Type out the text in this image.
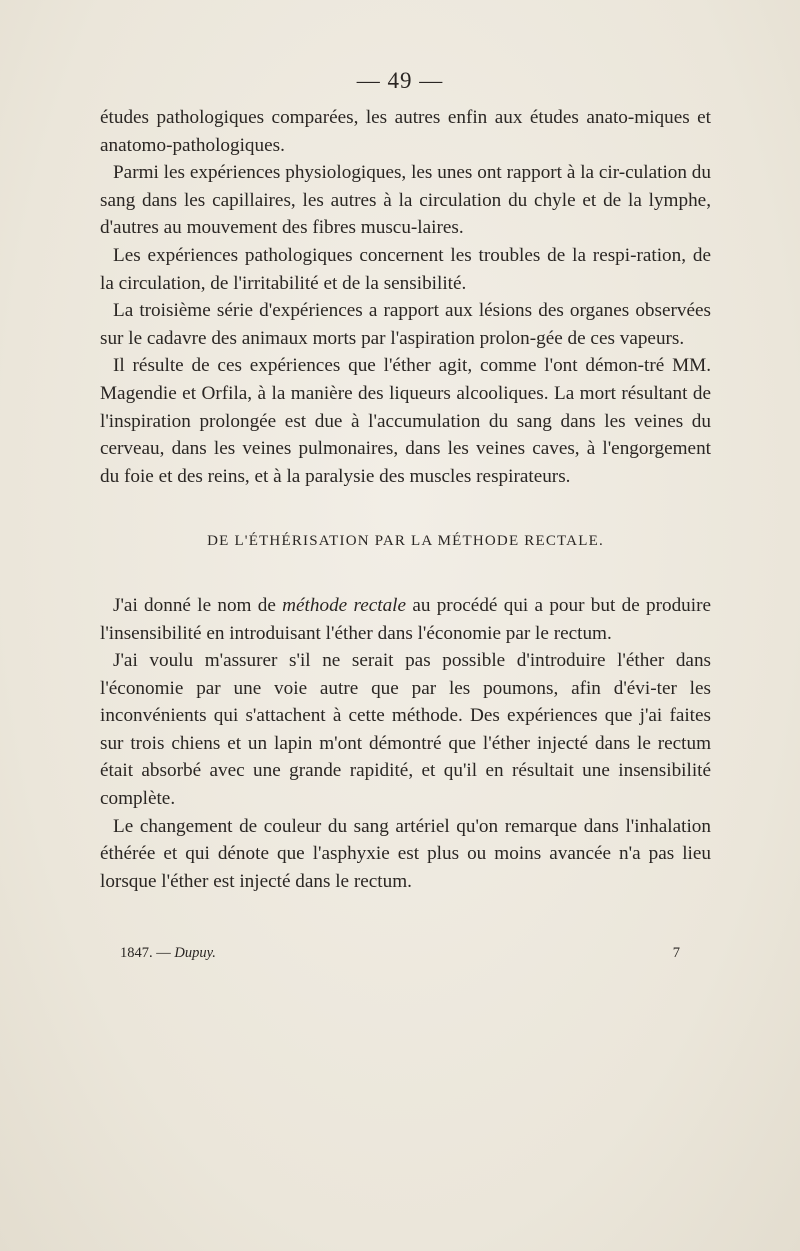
— 49 —

études pathologiques comparées, les autres enfin aux études anato-miques et anatomo-pathologiques.

Parmi les expériences physiologiques, les unes ont rapport à la cir-culation du sang dans les capillaires, les autres à la circulation du chyle et de la lymphe, d'autres au mouvement des fibres muscu-laires.

Les expériences pathologiques concernent les troubles de la respi-ration, de la circulation, de l'irritabilité et de la sensibilité.

La troisième série d'expériences a rapport aux lésions des organes observées sur le cadavre des animaux morts par l'aspiration prolon-gée de ces vapeurs.

Il résulte de ces expériences que l'éther agit, comme l'ont démon-tré MM. Magendie et Orfila, à la manière des liqueurs alcooliques. La mort résultant de l'inspiration prolongée est due à l'accumulation du sang dans les veines du cerveau, dans les veines pulmonaires, dans les veines caves, à l'engorgement du foie et des reins, et à la paralysie des muscles respirateurs.

DE L'ÉTHÉRISATION PAR LA MÉTHODE RECTALE.

J'ai donné le nom de méthode rectale au procédé qui a pour but de produire l'insensibilité en introduisant l'éther dans l'économie par le rectum.

J'ai voulu m'assurer s'il ne serait pas possible d'introduire l'éther dans l'économie par une voie autre que par les poumons, afin d'évi-ter les inconvénients qui s'attachent à cette méthode. Des expériences que j'ai faites sur trois chiens et un lapin m'ont démontré que l'éther injecté dans le rectum était absorbé avec une grande rapidité, et qu'il en résultait une insensibilité complète.

Le changement de couleur du sang artériel qu'on remarque dans l'inhalation éthérée et qui dénote que l'asphyxie est plus ou moins avancée n'a pas lieu lorsque l'éther est injecté dans le rectum.

1847. — Dupuy.	7
